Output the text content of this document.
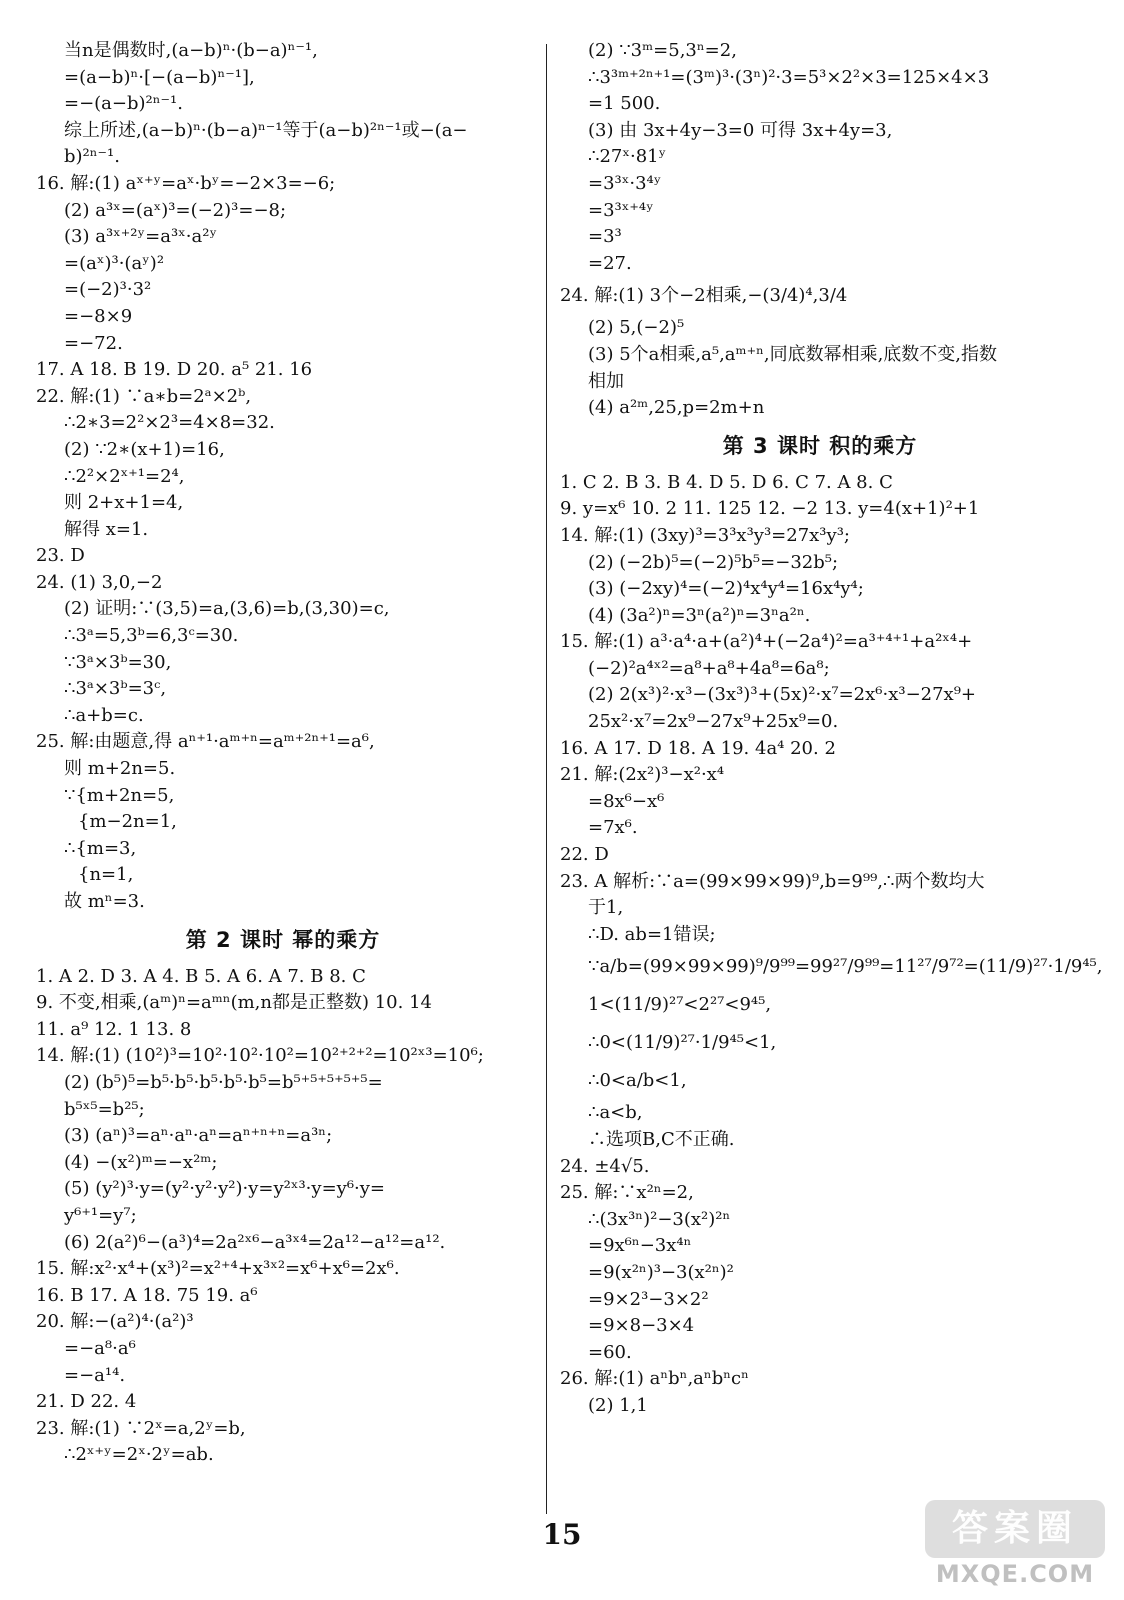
当n是偶数时,(a−b)ⁿ·(b−a)ⁿ⁻¹,
=(a−b)ⁿ·[−(a−b)ⁿ⁻¹],
=−(a−b)²ⁿ⁻¹.
综上所述,(a−b)ⁿ·(b−a)ⁿ⁻¹等于(a−b)²ⁿ⁻¹或−(a−
b)²ⁿ⁻¹.
16. 解:(1) aˣ⁺ʸ=aˣ·bʸ=−2×3=−6;
(2) a³ˣ=(aˣ)³=(−2)³=−8;
(3) a³ˣ⁺²ʸ=a³ˣ·a²ʸ
=(aˣ)³·(aʸ)²
=(−2)³·3²
=−8×9
=−72.
17. A 18. B 19. D 20. a⁵ 21. 16
22. 解:(1) ∵a∗b=2ᵃ×2ᵇ,
∴2∗3=2²×2³=4×8=32.
(2) ∵2∗(x+1)=16,
∴2²×2ˣ⁺¹=2⁴,
则 2+x+1=4,
解得 x=1.
23. D
24. (1) 3,0,−2
(2) 证明:∵(3,5)=a,(3,6)=b,(3,30)=c,
∴3ᵃ=5,3ᵇ=6,3ᶜ=30.
∵3ᵃ×3ᵇ=30,
∴3ᵃ×3ᵇ=3ᶜ,
∴a+b=c.
25. 解:由题意,得 aⁿ⁺¹·aᵐ⁺ⁿ=aᵐ⁺²ⁿ⁺¹=a⁶,
则 m+2n=5.
∵{m+2n=5,
{m−2n=1,
∴{m=3,
{n=1,
故 mⁿ=3.
第 2 课时 幂的乘方
1. A 2. D 3. A 4. B 5. A 6. A 7. B 8. C
9. 不变,相乘,(aᵐ)ⁿ=aᵐⁿ(m,n都是正整数) 10. 14
11. a⁹ 12. 1 13. 8
14. 解:(1) (10²)³=10²·10²·10²=10²⁺²⁺²=10²ˣ³=10⁶;
(2) (b⁵)⁵=b⁵·b⁵·b⁵·b⁵·b⁵=b⁵⁺⁵⁺⁵⁺⁵⁺⁵=
b⁵ˣ⁵=b²⁵;
(3) (aⁿ)³=aⁿ·aⁿ·aⁿ=aⁿ⁺ⁿ⁺ⁿ=a³ⁿ;
(4) −(x²)ᵐ=−x²ᵐ;
(5) (y²)³·y=(y²·y²·y²)·y=y²ˣ³·y=y⁶·y=
y⁶⁺¹=y⁷;
(6) 2(a²)⁶−(a³)⁴=2a²ˣ⁶−a³ˣ⁴=2a¹²−a¹²=a¹².
15. 解:x²·x⁴+(x³)²=x²⁺⁴+x³ˣ²=x⁶+x⁶=2x⁶.
16. B 17. A 18. 75 19. a⁶
20. 解:−(a²)⁴·(a²)³
=−a⁸·a⁶
=−a¹⁴.
21. D 22. 4
23. 解:(1) ∵2ˣ=a,2ʸ=b,
∴2ˣ⁺ʸ=2ˣ·2ʸ=ab.
(2) ∵3ᵐ=5,3ⁿ=2,
∴3³ᵐ⁺²ⁿ⁺¹=(3ᵐ)³·(3ⁿ)²·3=5³×2²×3=125×4×3
=1 500.
(3) 由 3x+4y−3=0 可得 3x+4y=3,
∴27ˣ·81ʸ
=3³ˣ·3⁴ʸ
=3³ˣ⁺⁴ʸ
=3³
=27.
24. 解:(1) 3个−2相乘,−(3/4)⁴,3/4
(2) 5,(−2)⁵
(3) 5个a相乘,a⁵,aᵐ⁺ⁿ,同底数幂相乘,底数不变,指数
相加
(4) a²ᵐ,25,p=2m+n
第 3 课时 积的乘方
1. C 2. B 3. B 4. D 5. D 6. C 7. A 8. C
9. y=x⁶ 10. 2 11. 125 12. −2 13. y=4(x+1)²+1
14. 解:(1) (3xy)³=3³x³y³=27x³y³;
(2) (−2b)⁵=(−2)⁵b⁵=−32b⁵;
(3) (−2xy)⁴=(−2)⁴x⁴y⁴=16x⁴y⁴;
(4) (3a²)ⁿ=3ⁿ(a²)ⁿ=3ⁿa²ⁿ.
15. 解:(1) a³·a⁴·a+(a²)⁴+(−2a⁴)²=a³⁺⁴⁺¹+a²ˣ⁴+
(−2)²a⁴ˣ²=a⁸+a⁸+4a⁸=6a⁸;
(2) 2(x³)²·x³−(3x³)³+(5x)²·x⁷=2x⁶·x³−27x⁹+
25x²·x⁷=2x⁹−27x⁹+25x⁹=0.
16. A 17. D 18. A 19. 4a⁴ 20. 2
21. 解:(2x²)³−x²·x⁴
=8x⁶−x⁶
=7x⁶.
22. D
23. A 解析:∵a=(99×99×99)⁹,b=9⁹⁹,∴两个数均大
于1,
∴D. ab=1错误;
∵a/b=(99×99×99)⁹/9⁹⁹=99²⁷/9⁹⁹=11²⁷/9⁷²=(11/9)²⁷·1/9⁴⁵,
1<(11/9)²⁷<2²⁷<9⁴⁵,
∴0<(11/9)²⁷·1/9⁴⁵<1,
∴0<a/b<1,
∴a<b,
∴选项B,C不正确.
24. ±4√5.
25. 解:∵x²ⁿ=2,
∴(3x³ⁿ)²−3(x²)²ⁿ
=9x⁶ⁿ−3x⁴ⁿ
=9(x²ⁿ)³−3(x²ⁿ)²
=9×2³−3×2²
=9×8−3×4
=60.
26. 解:(1) aⁿbⁿ,aⁿbⁿcⁿ
(2) 1,1
15	答案圈
MXQE.COM
